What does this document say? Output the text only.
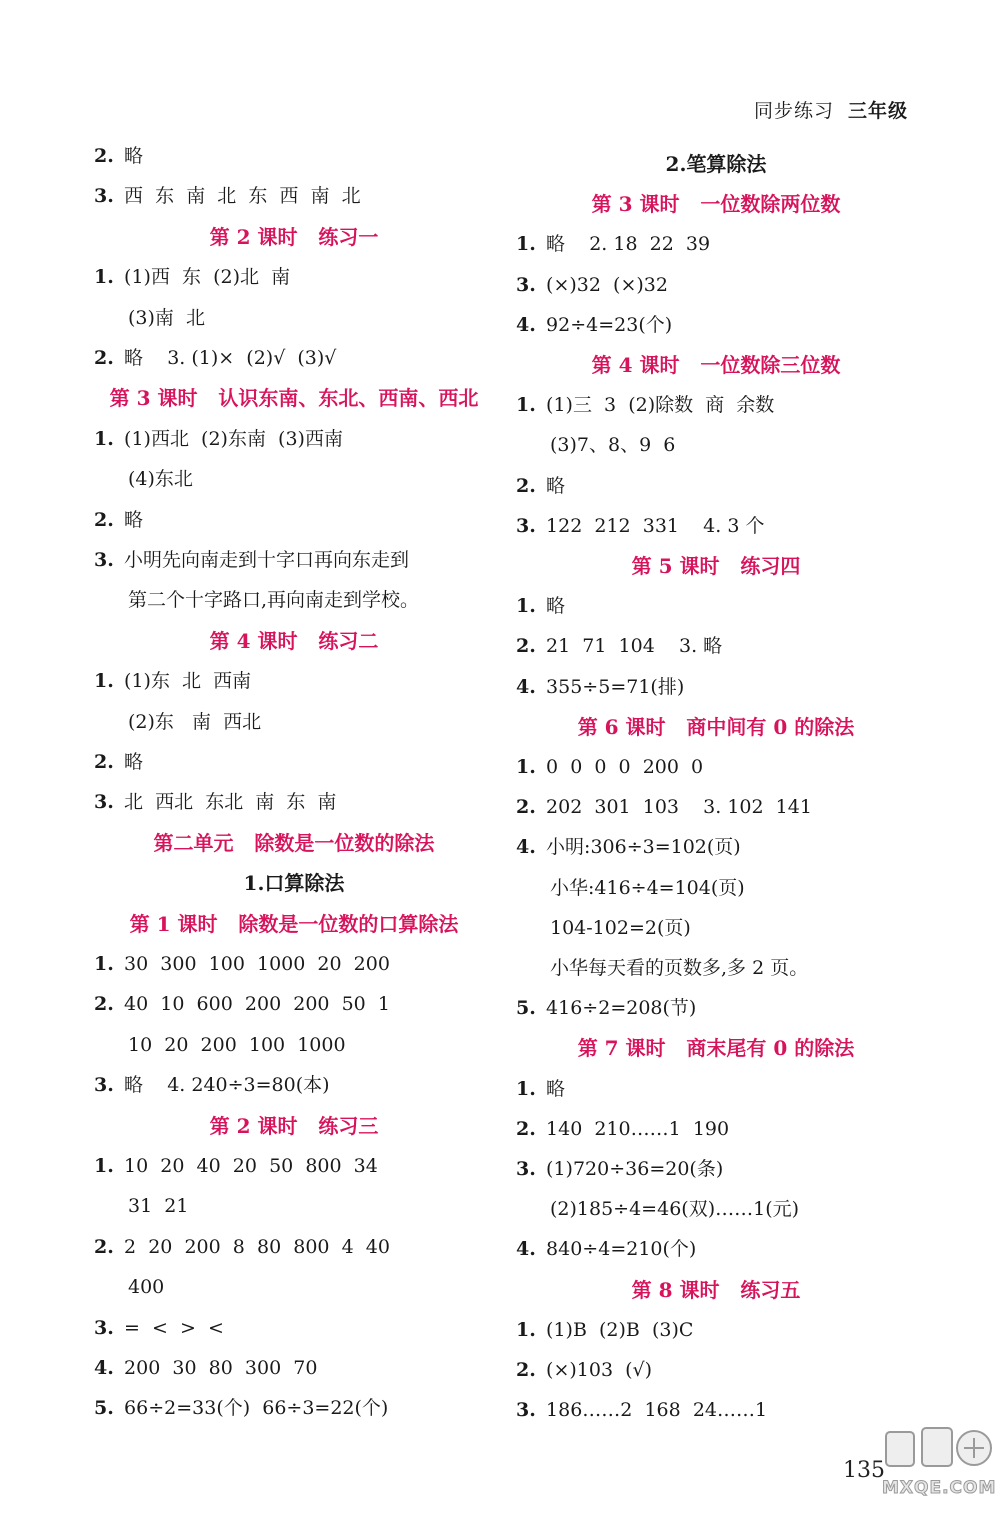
同步练习 三年级
2. 略
3. 西  东  南  北  东  西  南  北
第 2 课时   练习一
1. (1)西  东  (2)北  南
(3)南  北
2. 略    3. (1)×  (2)√  (3)√
第 3 课时   认识东南、东北、西南、西北
1. (1)西北  (2)东南  (3)西南
(4)东北
2. 略
3. 小明先向南走到十字口再向东走到
第二个十字路口,再向南走到学校。
第 4 课时   练习二
1. (1)东  北  西南
(2)东   南  西北
2. 略
3. 北  西北  东北  南  东  南
第二单元   除数是一位数的除法
1.口算除法
第 1 课时   除数是一位数的口算除法
1. 30  300  100  1000  20  200
2. 40  10  600  200  200  50  1
10  20  200  100  1000
3. 略    4. 240÷3=80(本)
第 2 课时   练习三
1. 10  20  40  20  50  800  34
31  21
2. 2  20  200  8  80  800  4  40
400
3. =  <  >  <
4. 200  30  80  300  70
5. 66÷2=33(个)  66÷3=22(个)
2.笔算除法
第 3 课时   一位数除两位数
1. 略    2. 18  22  39
3. (×)32  (×)32
4. 92÷4=23(个)
第 4 课时   一位数除三位数
1. (1)三  3  (2)除数  商  余数
(3)7、8、9  6
2. 略
3. 122  212  331    4. 3 个
第 5 课时   练习四
1. 略
2. 21  71  104    3. 略
4. 355÷5=71(排)
第 6 课时   商中间有 0 的除法
1. 0  0  0  0  200  0
2. 202  301  103    3. 102  141
4. 小明:306÷3=102(页)
小华:416÷4=104(页)
104-102=2(页)
小华每天看的页数多,多 2 页。
5. 416÷2=208(节)
第 7 课时   商末尾有 0 的除法
1. 略
2. 140  210……1  190
3. (1)720÷36=20(条)
(2)185÷4=46(双)……1(元)
4. 840÷4=210(个)
第 8 课时   练习五
1. (1)B  (2)B  (3)C
2. (×)103  (√)
3. 186……2  168  24……1
135
MXQE.COM
